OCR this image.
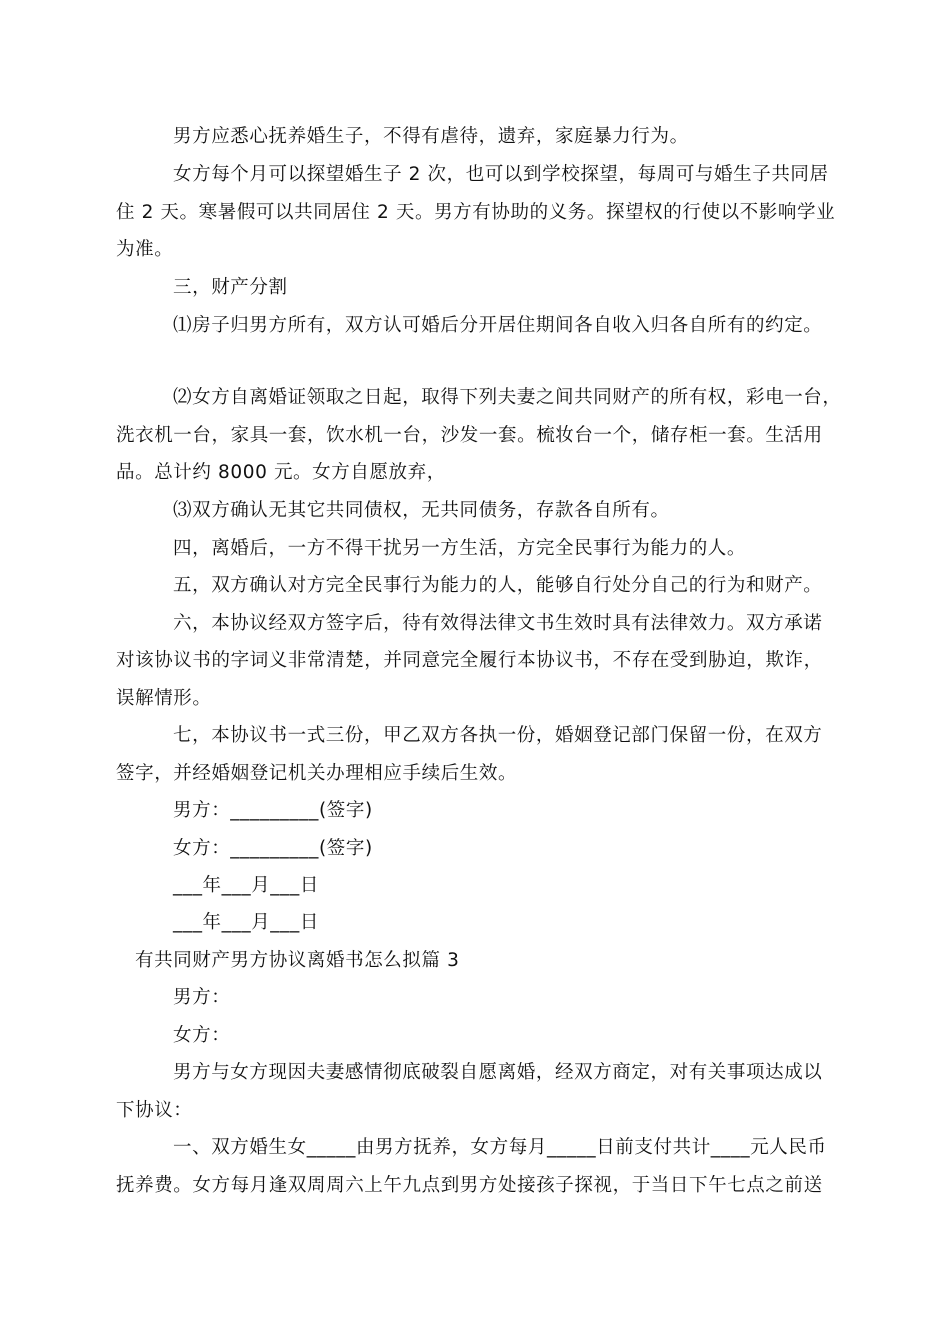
男方应悉心抚养婚生子，不得有虐待，遗弃，家庭暴力行为。
女方每个月可以探望婚生子 2 次，也可以到学校探望，每周可与婚生子共同居
住 2 天。寒暑假可以共同居住 2 天。男方有协助的义务。探望权的行使以不影响学业
为准。
三，财产分割
⑴房子归男方所有，双方认可婚后分开居住期间各自收入归各自所有的约定。
⑵女方自离婚证领取之日起，取得下列夫妻之间共同财产的所有权，彩电一台，
洗衣机一台，家具一套，饮水机一台，沙发一套。梳妆台一个，储存柜一套。生活用
品。总计约 8000 元。女方自愿放弃，
⑶双方确认无其它共同债权，无共同债务，存款各自所有。
四，离婚后，一方不得干扰另一方生活，方完全民事行为能力的人。
五，双方确认对方完全民事行为能力的人，能够自行处分自己的行为和财产。
六，本协议经双方签字后，待有效得法律文书生效时具有法律效力。双方承诺
对该协议书的字词义非常清楚，并同意完全履行本协议书，不存在受到胁迫，欺诈，
误解情形。
七，本协议书一式三份，甲乙双方各执一份，婚姻登记部门保留一份，在双方
签字，并经婚姻登记机关办理相应手续后生效。
男方：_________(签字)
女方：_________(签字)
___年___月___日
___年___月___日
有共同财产男方协议离婚书怎么拟篇 3
男方：
女方：
男方与女方现因夫妻感情彻底破裂自愿离婚，经双方商定，对有关事项达成以
下协议：
一、双方婚生女_____由男方抚养，女方每月_____日前支付共计____元人民币
抚养费。女方每月逢双周周六上午九点到男方处接孩子探视，于当日下午七点之前送
